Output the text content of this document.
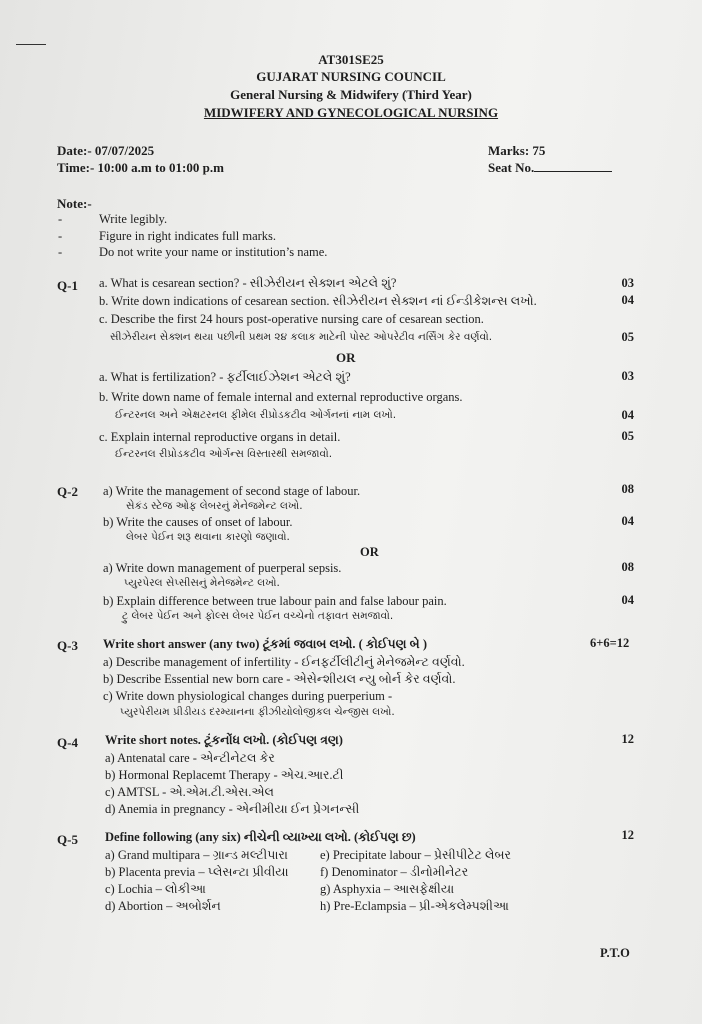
AT301SE25
GUJARAT NURSING COUNCIL
General Nursing & Midwifery (Third Year)
MIDWIFERY AND GYNECOLOGICAL NURSING
Date:- 07/07/2025
Time:- 10:00 a.m to 01:00 p.m
Marks: 75
Seat No.
Note:-
-	Write legibly.
-	Figure in right indicates full marks.
-	Do not write your name or institution’s name.
Q-1 a. What is cesarean section? - સીઝેરીયન સેક્શન એટલે શું?	03
b. Write down indications of cesarean section. સીઝેરીયન સેક્શન નાં ઈન્ડીકેશન્સ લખો.	04
c. Describe the first 24 hours post-operative nursing care of cesarean section.
સીઝેરીયન સેક્શન થયા પછીની પ્રથમ ૨૪ કલાક માટેની પોસ્ટ ઓપરેટીવ નર્સિંગ કેર વર્ણવો.	05
OR
a. What is fertilization? - ફર્ટીલાઈઝેશન એટલે શું?	03
b. Write down name of female internal and external reproductive organs.
ઈન્ટરનલ અને એક્ષટરનલ ફીમેલ રીપ્રોડકટીવ ઓર્ગનનાં નામ લખો.	04
c. Explain internal reproductive organs in detail.	05
ઈન્ટરનલ રીપ્રોડકટીવ ઓર્ગન્સ વિસ્તારથી સમજાવો.
Q-2 a) Write the management of second stage of labour.	08
સેકંડ સ્ટેજ ઓફ લેબરનું મેનેજમેન્ટ લખો.
b) Write the causes of onset of labour.	04
લેબર પેઈન શરૂ થવાના કારણો જણાવો.
OR
a) Write down management of puerperal sepsis.	08
પ્યુરપેરલ સેપ્સીસનું મેનેજમેન્ટ લખો.
b) Explain difference between true labour pain and false labour pain.	04
ટ્રુ લેબર પેઈન અને ફોલ્સ લેબર પેઈન વચ્ચેનો તફાવત સમજાવો.
Q-3 Write short answer (any two) ટૂંકમાં જવાબ લખો. ( કોઈપણ બે )	6+6=12
a) Describe management of infertility - ઈનફર્ટીલીટીનું મેનેજમેન્ટ વર્ણવો.
b) Describe Essential new born care - એસેન્શીયલ ન્યુ બોર્ન કેર વર્ણવો.
c) Write down physiological changes during puerperium -
પ્યુરપેરીયમ પ્રીડીયડ દરમ્યાનના ફીઝીયોલોજીકલ ચેન્જીસ લખો.
Q-4 Write short notes. ટૂંકનોંધ લખો. (કોઈપણ ત્રણ)	12
a) Antenatal care - એન્ટીનેટલ કેર
b) Hormonal Replacemt Therapy - એચ.આર.ટી
c) AMTSL - એ.એમ.ટી.એસ.એલ
d) Anemia in pregnancy - એનીમીયા ઈન પ્રેગનન્સી
Q-5 Define following (any six) નીચેની વ્યાખ્યા લખો. (કોઈપણ છ)	12
a) Grand multipara – ગ્રાન્ડ મલ્ટીપારા
b) Placenta previa – પ્લેસન્ટા પ્રીવીયા
c) Lochia – લોકીઆ
d) Abortion – અબોર્શન
e) Precipitate labour – પ્રેસીપીટેટ લેબર
f) Denominator – ડીનોમીનેટર
g) Asphyxia – આસફેક્ષીયા
h) Pre-Eclampsia – પ્રી-એકલેમ્પશીઆ
P.T.O
